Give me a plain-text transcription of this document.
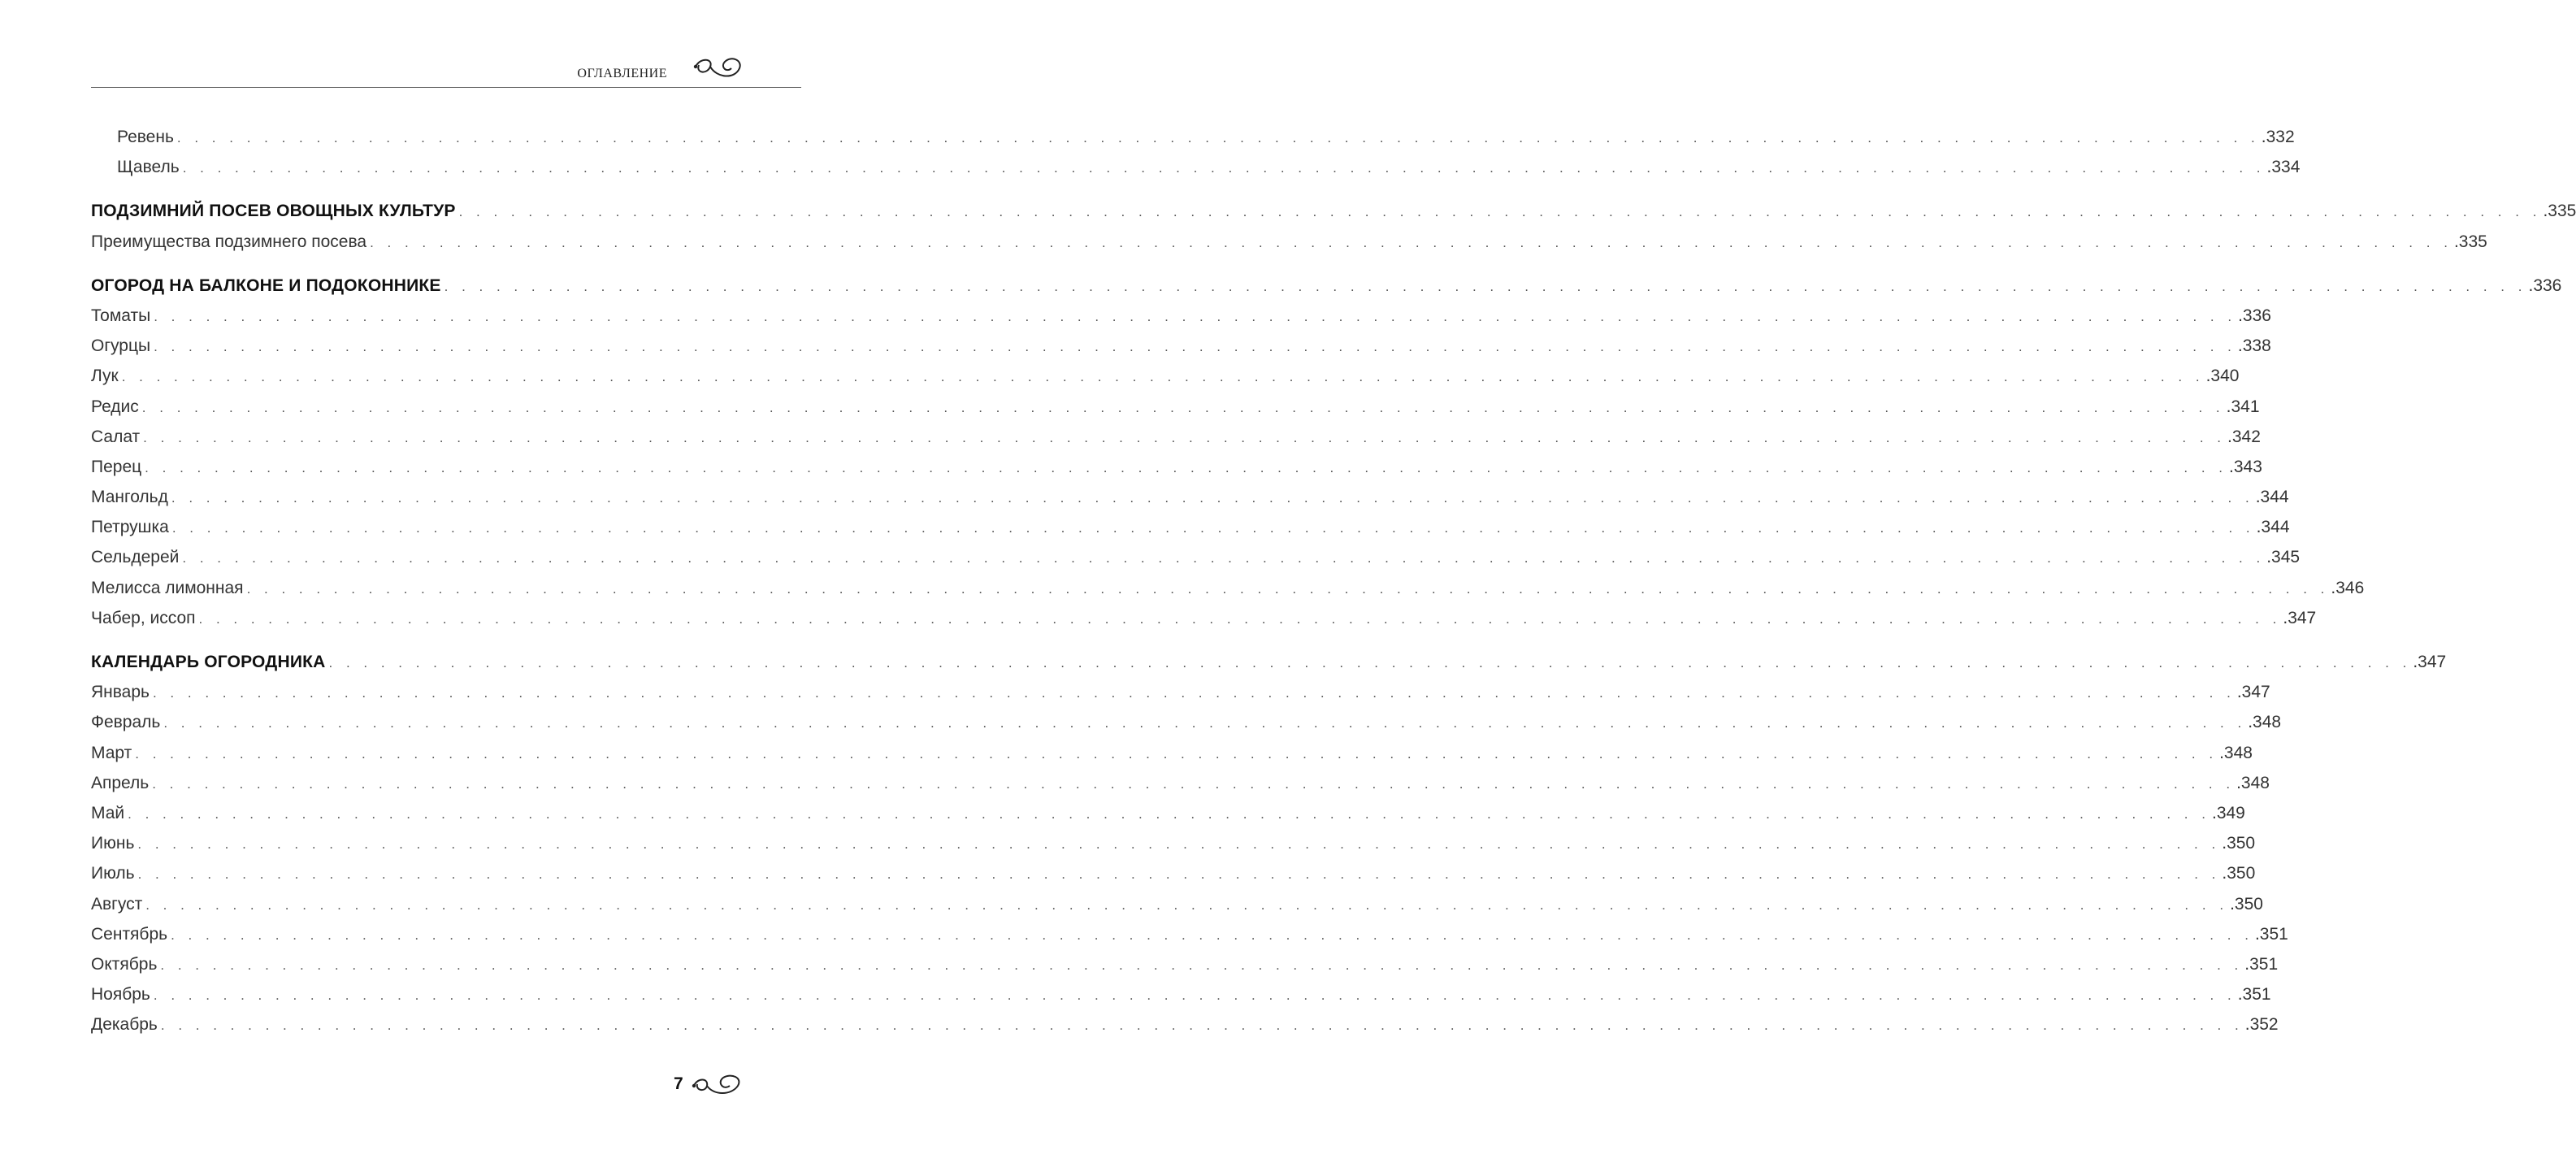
ОГЛАВЛЕНИЕ
Ревень . . . . . . . . . . . . . . . . . . . . . . . . . . . . . . . . . . . . . . . . . . . . . . . . . . . . . . . . . . . . . . . . . . . . . . . . . . . . . . . . . . . . . . . . . . . . . . . . . . . . . . . . . . . . . . . . . . . . . . . . .332
Щавель . . . . . . . . . . . . . . . . . . . . . . . . . . . . . . . . . . . . . . . . . . . . . . . . . . . . . . . . . . . . . . . . . . . . . . . . . . . . . . . . . . . . . . . . . . . . . . . . . . . . . . . . . . . . . . . . . . . . . . . . .334
ПОДЗИМНИЙ ПОСЕВ ОВОЩНЫХ КУЛЬТУР . . . . . . . . . . . . . . . . . . . . . . . . . . . . . . . . . . . . . . . . . . . . . . . . . . . . . . . . . . . . . . . . . . . . . . . . . . . . . . . . . . . . . . . . . . . . . . . . . . . . . . . . . . . . . . . . . . . . . . . . .335
Преимущества подзимнего посева . . . . . . . . . . . . . . . . . . . . . . . . . . . . . . . . . . . . . . . . . . . . . . . . . . . . . . . . . . . . . . . . . . . . . . . . . . . . . . . . . . . . . . . . . . . . . . . . . . . . . . . . . . . . . . . . . . . . . . . . .335
ОГОРОД НА БАЛКОНЕ И ПОДОКОННИКЕ . . . . . . . . . . . . . . . . . . . . . . . . . . . . . . . . . . . . . . . . . . . . . . . . . . . . . . . . . . . . . . . . . . . . . . . . . . . . . . . . . . . . . . . . . . . . . . . . . . . . . . . . . . . . . . . . . . . . . . . . .336
Томаты . . . . . . . . . . . . . . . . . . . . . . . . . . . . . . . . . . . . . . . . . . . . . . . . . . . . . . . . . . . . . . . . . . . . . . . . . . . . . . . . . . . . . . . . . . . . . . . . . . . . . . . . . . . . . . . . . . . . . . . . .336
Огурцы . . . . . . . . . . . . . . . . . . . . . . . . . . . . . . . . . . . . . . . . . . . . . . . . . . . . . . . . . . . . . . . . . . . . . . . . . . . . . . . . . . . . . . . . . . . . . . . . . . . . . . . . . . . . . . . . . . . . . . . . .338
Лук . . . . . . . . . . . . . . . . . . . . . . . . . . . . . . . . . . . . . . . . . . . . . . . . . . . . . . . . . . . . . . . . . . . . . . . . . . . . . . . . . . . . . . . . . . . . . . . . . . . . . . . . . . . . . . . . . . . . . . . . .340
Редис . . . . . . . . . . . . . . . . . . . . . . . . . . . . . . . . . . . . . . . . . . . . . . . . . . . . . . . . . . . . . . . . . . . . . . . . . . . . . . . . . . . . . . . . . . . . . . . . . . . . . . . . . . . . . . . . . . . . . . . . .341
Салат . . . . . . . . . . . . . . . . . . . . . . . . . . . . . . . . . . . . . . . . . . . . . . . . . . . . . . . . . . . . . . . . . . . . . . . . . . . . . . . . . . . . . . . . . . . . . . . . . . . . . . . . . . . . . . . . . . . . . . . . .342
Перец . . . . . . . . . . . . . . . . . . . . . . . . . . . . . . . . . . . . . . . . . . . . . . . . . . . . . . . . . . . . . . . . . . . . . . . . . . . . . . . . . . . . . . . . . . . . . . . . . . . . . . . . . . . . . . . . . . . . . . . . .343
Мангольд . . . . . . . . . . . . . . . . . . . . . . . . . . . . . . . . . . . . . . . . . . . . . . . . . . . . . . . . . . . . . . . . . . . . . . . . . . . . . . . . . . . . . . . . . . . . . . . . . . . . . . . . . . . . . . . . . . . . . . . . .344
Петрушка . . . . . . . . . . . . . . . . . . . . . . . . . . . . . . . . . . . . . . . . . . . . . . . . . . . . . . . . . . . . . . . . . . . . . . . . . . . . . . . . . . . . . . . . . . . . . . . . . . . . . . . . . . . . . . . . . . . . . . . . .344
Сельдерей . . . . . . . . . . . . . . . . . . . . . . . . . . . . . . . . . . . . . . . . . . . . . . . . . . . . . . . . . . . . . . . . . . . . . . . . . . . . . . . . . . . . . . . . . . . . . . . . . . . . . . . . . . . . . . . . . . . . . . . . .345
Мелисса лимонная . . . . . . . . . . . . . . . . . . . . . . . . . . . . . . . . . . . . . . . . . . . . . . . . . . . . . . . . . . . . . . . . . . . . . . . . . . . . . . . . . . . . . . . . . . . . . . . . . . . . . . . . . . . . . . . . . . . . . . . . .346
Чабер, иссоп . . . . . . . . . . . . . . . . . . . . . . . . . . . . . . . . . . . . . . . . . . . . . . . . . . . . . . . . . . . . . . . . . . . . . . . . . . . . . . . . . . . . . . . . . . . . . . . . . . . . . . . . . . . . . . . . . . . . . . . . .347
КАЛЕНДАРЬ ОГОРОДНИКА . . . . . . . . . . . . . . . . . . . . . . . . . . . . . . . . . . . . . . . . . . . . . . . . . . . . . . . . . . . . . . . . . . . . . . . . . . . . . . . . . . . . . . . . . . . . . . . . . . . . . . . . . . . . . . . . . . . . . . . . .347
Январь . . . . . . . . . . . . . . . . . . . . . . . . . . . . . . . . . . . . . . . . . . . . . . . . . . . . . . . . . . . . . . . . . . . . . . . . . . . . . . . . . . . . . . . . . . . . . . . . . . . . . . . . . . . . . . . . . . . . . . . . .347
Февраль . . . . . . . . . . . . . . . . . . . . . . . . . . . . . . . . . . . . . . . . . . . . . . . . . . . . . . . . . . . . . . . . . . . . . . . . . . . . . . . . . . . . . . . . . . . . . . . . . . . . . . . . . . . . . . . . . . . . . . . . .348
Март . . . . . . . . . . . . . . . . . . . . . . . . . . . . . . . . . . . . . . . . . . . . . . . . . . . . . . . . . . . . . . . . . . . . . . . . . . . . . . . . . . . . . . . . . . . . . . . . . . . . . . . . . . . . . . . . . . . . . . . . .348
Апрель . . . . . . . . . . . . . . . . . . . . . . . . . . . . . . . . . . . . . . . . . . . . . . . . . . . . . . . . . . . . . . . . . . . . . . . . . . . . . . . . . . . . . . . . . . . . . . . . . . . . . . . . . . . . . . . . . . . . . . . . .348
Май . . . . . . . . . . . . . . . . . . . . . . . . . . . . . . . . . . . . . . . . . . . . . . . . . . . . . . . . . . . . . . . . . . . . . . . . . . . . . . . . . . . . . . . . . . . . . . . . . . . . . . . . . . . . . . . . . . . . . . . . .349
Июнь . . . . . . . . . . . . . . . . . . . . . . . . . . . . . . . . . . . . . . . . . . . . . . . . . . . . . . . . . . . . . . . . . . . . . . . . . . . . . . . . . . . . . . . . . . . . . . . . . . . . . . . . . . . . . . . . . . . . . . . . .350
Июль . . . . . . . . . . . . . . . . . . . . . . . . . . . . . . . . . . . . . . . . . . . . . . . . . . . . . . . . . . . . . . . . . . . . . . . . . . . . . . . . . . . . . . . . . . . . . . . . . . . . . . . . . . . . . . . . . . . . . . . . .350
Август . . . . . . . . . . . . . . . . . . . . . . . . . . . . . . . . . . . . . . . . . . . . . . . . . . . . . . . . . . . . . . . . . . . . . . . . . . . . . . . . . . . . . . . . . . . . . . . . . . . . . . . . . . . . . . . . . . . . . . . . .350
Сентябрь . . . . . . . . . . . . . . . . . . . . . . . . . . . . . . . . . . . . . . . . . . . . . . . . . . . . . . . . . . . . . . . . . . . . . . . . . . . . . . . . . . . . . . . . . . . . . . . . . . . . . . . . . . . . . . . . . . . . . . . . .351
Октябрь . . . . . . . . . . . . . . . . . . . . . . . . . . . . . . . . . . . . . . . . . . . . . . . . . . . . . . . . . . . . . . . . . . . . . . . . . . . . . . . . . . . . . . . . . . . . . . . . . . . . . . . . . . . . . . . . . . . . . . . . .351
Ноябрь . . . . . . . . . . . . . . . . . . . . . . . . . . . . . . . . . . . . . . . . . . . . . . . . . . . . . . . . . . . . . . . . . . . . . . . . . . . . . . . . . . . . . . . . . . . . . . . . . . . . . . . . . . . . . . . . . . . . . . . . .351
Декабрь . . . . . . . . . . . . . . . . . . . . . . . . . . . . . . . . . . . . . . . . . . . . . . . . . . . . . . . . . . . . . . . . . . . . . . . . . . . . . . . . . . . . . . . . . . . . . . . . . . . . . . . . . . . . . . . . . . . . . . . . .352
7
